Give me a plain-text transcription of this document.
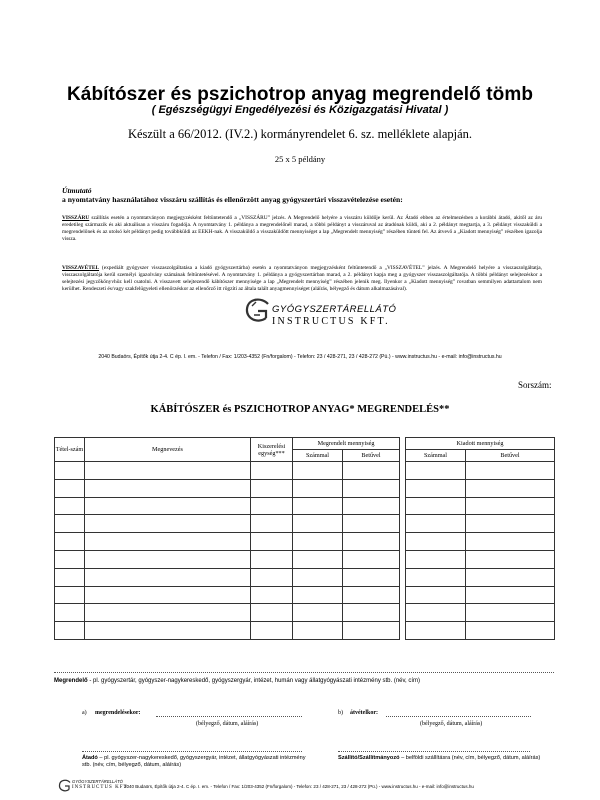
Kábítószer és pszichotrop anyag megrendelő tömb
( Egészségügyi Engedélyezési és Közigazgatási Hivatal )
Készült a 66/2012. (IV.2.) kormányrendelet 6. sz. melléklete alapján.
25 x 5 példány
Útmutató
a nyomtatvány használatához visszáru szállítás és ellenőrzött anyag gyógyszertári visszavételezése esetén:
VISSZÁRU szállítás esetén a nyomtatványon megjegyzésként feltüntetendő a „VISSZÁRU” jelzés. A Megrendelő helyére a visszáru küldője kerül. Az Átadó ebben az értelmezésben a korábbi átadó, akitől az áru eredetileg származik és aki aktuálisan a visszáru fogadója. A nyomtatvány 1. példánya a megrendelőnél marad, a többi példányt a visszáruval az átadónak küldi, aki a 2. példányt megtartja, a 3. példányt visszaküldi a megrendelőnek és az utolsó két példányt pedig továbbküldi az EEKH-nak. A visszaküldő a visszaküldött mennyiséget a lap „Megrendelt mennyiség” részében tünteti fel. Az átvevő a „Kiadott mennyiség” részében igazolja vissza.
VISSZAVÉTEL (expediált gyógyszer visszaszolgáltatása a kiadó gyógyszertárba) esetén a nyomtatványon megjegyzésként feltüntetendő a „VISSZAVÉTEL” jelzés. A Megrendelő helyére a visszaszolgáltatja, visszaszolgáltatója kerül személyi igazolvány számának feltüntetésével. A nyomtatvány 1. példánya a gyógyszertárban marad, a 2. példányt kapja meg a gyógyszer visszaszolgáltatója. A többi példányt selejtezéskor a selejtezési jegyzőkönyvhöz kell csatolni. A visszavett selejtezendő kábítószer mennyisége a lap „Megrendelt mennyiség” részében jelenik meg. Ilyenkor a „Kiadott mennyiség” rovatban semmilyen adattartalom nem kerülhet. Rendeszeti és/vagy szakfelügyeleti ellenőrzéskor az ellenőrző itt rögzíti az általa talált anyagmennyiséget (aláírás, bélyegző és dátum alkalmazásával).
GYÓGYSZERTÁRELLÁTÓ
INSTRUCTUS KFT.
2040 Budaörs, Építők útja 2-4. C ép. I. em. - Telefon / Fax: 1/203-4352 (Fn/forgalom) - Telefon: 23 / 428-271, 23 / 428-272 (Pü.) - www.instructus.hu - e-mail: info@instructus.hu
Sorszám:
KÁBÍTÓSZER és PSZICHOTROP ANYAG* MEGRENDELÉS**
Tétel-szám	Megnevezés	Kiszerelési egység***	Megrendelt mennyiség			Kiadott mennyiség	
			Számmal	Betűvel		Számmal	Betűvel

Megrendelő - pl. gyógyszertár, gyógyszer-nagykereskedő, gyógyszergyár, intézet, humán vagy állatgyógyászati intézmény stb. (név, cím)
a) megrendelésekor:
(bélyegző, dátum, aláírás)
b) átvételkor:
(bélyegző, dátum, aláírás)
Átadó – pl. gyógyszer-nagykereskedő, gyógyszergyár, intézet, állatgyógyászati intézmény stb. (név, cím, bélyegző, dátum, aláírás)
Szállító/Szállítmányozó – belföldi szállításra (név, cím, bélyegző, dátum, aláírás)
GYÓGYSZERTÁRELLÁTÓ
INSTRUCTUS KFT.
2040 Budaörs, Építők útja 2-4. C ép. I. em. - Telefon / Fax: 1/203-4352 (Fn/forgalom) - Telefon: 23 / 428-271, 23 / 428-272 (Pü.) - www.instructus.hu - e-mail: info@instructus.hu
